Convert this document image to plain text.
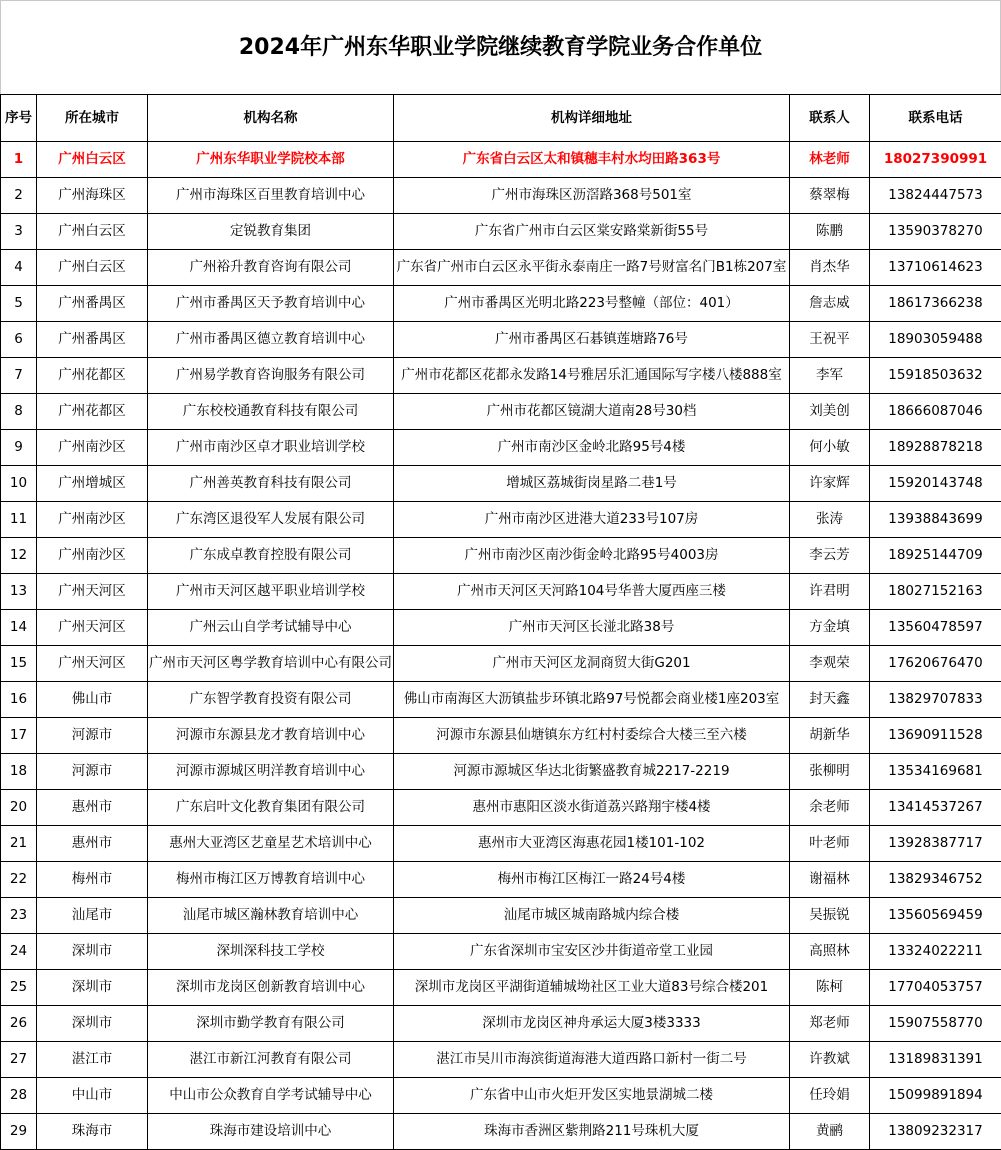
2024年广州东华职业学院继续教育学院业务合作单位
序号	所在城市	机构名称	机构详细地址	联系人	联系电话
1	广州白云区	广州东华职业学院校本部	广东省白云区太和镇穗丰村水均田路363号	林老师	18027390991
2	广州海珠区	广州市海珠区百里教育培训中心	广州市海珠区沥滘路368号501室	蔡翠梅	13824447573
3	广州白云区	定锐教育集团	广东省广州市白云区棠安路棠新街55号	陈鹏	13590378270
4	广州白云区	广州裕升教育咨询有限公司	广东省广州市白云区永平街永泰南庄一路7号财富名门B1栋207室	肖杰华	13710614623
5	广州番禺区	广州市番禺区天予教育培训中心	广州市番禺区光明北路223号整幢（部位：401）	詹志威	18617366238
6	广州番禺区	广州市番禺区德立教育培训中心	广州市番禺区石碁镇莲塘路76号	王祝平	18903059488
7	广州花都区	广州易学教育咨询服务有限公司	广州市花都区花都永发路14号雅居乐汇通国际写字楼八楼888室	李军	15918503632
8	广州花都区	广东校校通教育科技有限公司	广州市花都区镜湖大道南28号30档	刘美创	18666087046
9	广州南沙区	广州市南沙区卓才职业培训学校	广州市南沙区金岭北路95号4楼	何小敏	18928878218
10	广州增城区	广州善英教育科技有限公司	增城区荔城街岗星路二巷1号	许家辉	15920143748
11	广州南沙区	广东湾区退役军人发展有限公司	广州市南沙区进港大道233号107房	张涛	13938843699
12	广州南沙区	广东成卓教育控股有限公司	广州市南沙区南沙街金岭北路95号4003房	李云芳	18925144709
13	广州天河区	广州市天河区越平职业培训学校	广州市天河区天河路104号华普大厦西座三楼	许君明	18027152163
14	广州天河区	广州云山自学考试辅导中心	广州市天河区长湴北路38号	方金填	13560478597
15	广州天河区	广州市天河区粤学教育培训中心有限公司	广州市天河区龙洞商贸大街G201	李观荣	17620676470
16	佛山市	广东智学教育投资有限公司	佛山市南海区大沥镇盐步环镇北路97号悦都会商业楼1座203室	封天鑫	13829707833
17	河源市	河源市东源县龙才教育培训中心	河源市东源县仙塘镇东方红村村委综合大楼三至六楼	胡新华	13690911528
18	河源市	河源市源城区明洋教育培训中心	河源市源城区华达北街繁盛教育城2217-2219	张柳明	13534169681
20	惠州市	广东启叶文化教育集团有限公司	惠州市惠阳区淡水街道荔兴路翔宇楼4楼	余老师	13414537267
21	惠州市	惠州大亚湾区艺童星艺术培训中心	惠州市大亚湾区海惠花园1楼101-102	叶老师	13928387717
22	梅州市	梅州市梅江区万博教育培训中心	梅州市梅江区梅江一路24号4楼	谢福林	13829346752
23	汕尾市	汕尾市城区瀚林教育培训中心	汕尾市城区城南路城内综合楼	吴振锐	13560569459
24	深圳市	深圳深科技工学校	广东省深圳市宝安区沙井街道帝堂工业园	高照林	13324022211
25	深圳市	深圳市龙岗区创新教育培训中心	深圳市龙岗区平湖街道辅城坳社区工业大道83号综合楼201	陈柯	17704053757
26	深圳市	深圳市勤学教育有限公司	深圳市龙岗区神舟承运大厦3楼3333	郑老师	15907558770
27	湛江市	湛江市新江河教育有限公司	湛江市吴川市海滨街道海港大道西路口新村一街二号	许教斌	13189831391
28	中山市	中山市公众教育自学考试辅导中心	广东省中山市火炬开发区实地景湖城二楼	任玲娟	15099891894
29	珠海市	珠海市建设培训中心	珠海市香洲区紫荆路211号珠机大厦	黄鹂	13809232317
